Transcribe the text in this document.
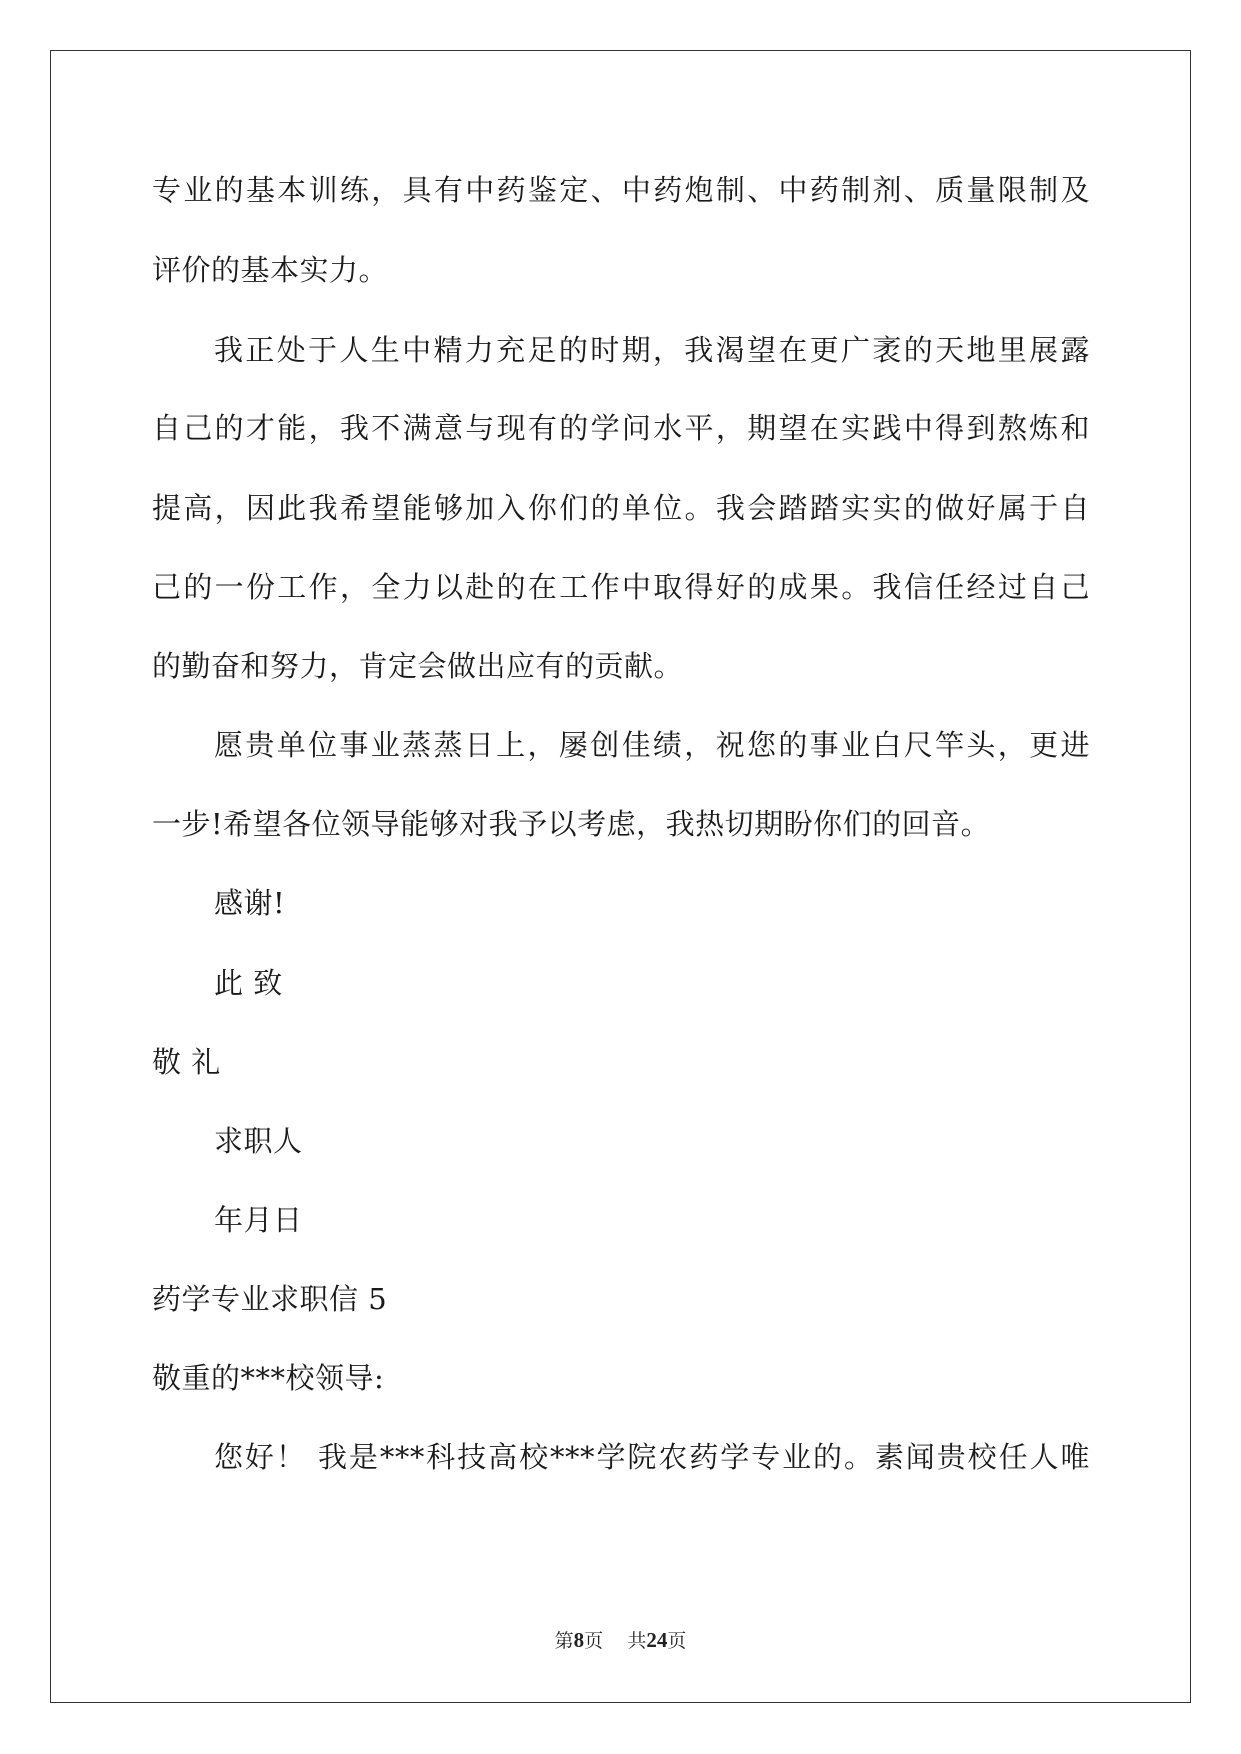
专业的基本训练，具有中药鉴定、中药炮制、中药制剂、质量限制及
评价的基本实力。
我正处于人生中精力充足的时期，我渴望在更广袤的天地里展露
自己的才能，我不满意与现有的学问水平，期望在实践中得到熬炼和
提高，因此我希望能够加入你们的单位。我会踏踏实实的做好属于自
己的一份工作，全力以赴的在工作中取得好的成果。我信任经过自己
的勤奋和努力，肯定会做出应有的贡献。
愿贵单位事业蒸蒸日上，屡创佳绩，祝您的事业白尺竿头，更进
一步!希望各位领导能够对我予以考虑，我热切期盼你们的回音。
感谢!
此 致
敬 礼
求职人
年月日
药学专业求职信 5
敬重的***校领导:
您好！ 我是***科技高校***学院农药学专业的。素闻贵校任人唯
第8页    共24页
